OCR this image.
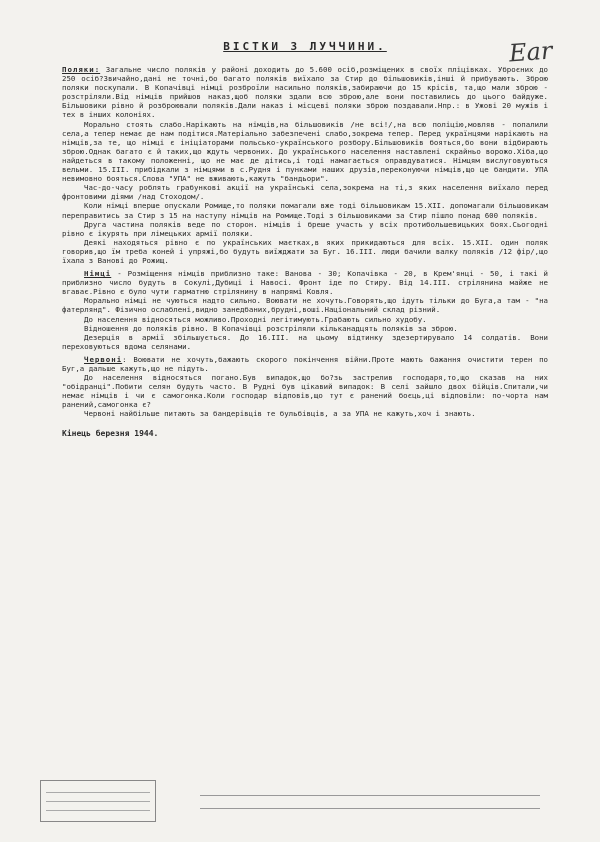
Ear
ВІСТКИ З ЛУЧЧИНИ.

Поляки: Загальне число поляків у районі доходить до 5.600 осіб,розміщених в своїх пліцівках. Уброєних до 250 осіб?Звичайно,дані не точні,бо багато поляків виїхало за Стир до більшовиків,інші й прибувають. Зброю поляки поскупали. В Копачівці німці розброїли насильно поляків,забираючи до 15 крісів, та,що мали зброю - розстріляли.Від німців прийшов наказ,щоб поляки здали всю зброю,але вони поставились до цього байдуже. Більшовики рівно й розброювали поляків.Дали наказ і місцеві поляки зброю поздавали.Нпр.: в Ужові 20 мужів і тех в інших колоніях.

Морально стоять слабо.Нарікають на німців,на більшовиків /не всі!/,на всю поліцію,мовляв - попалили села,а тепер немає де нам подітися.Матеріально забезпечені слабо,зокрема тепер. Перед українцями нарікають на німців,за те, що німці є ініціаторами польсько-українського розбору.Більшовиків бояться,бо вони відбирають зброю.Однак багато є й таких,що ждуть червоних. До українського населення наставлені скрайньо ворожо.Хіба,що найдеться в такому положенні, що не має де дітись,і тоді намагається оправдуватися. Німцям вислуговуються вельми. 15.ІІІ. прибідкали з німцями в с.Рудня і пунками наших друзів,переконуючи німців,що це бандити. УПА невимовно бояться.Слова "УПА" не вживають,кажуть "бандьори".

Час-до-часу роблять грабункові акції на українські села,зокрема на ті,з яких населення виїхало перед фронтовими діями /над Стоходом/.

Коли німці вперше опускали Ромище,то поляки помагали вже тоді більшовикам 15.ХІІ. допомагали більшовикам переправитись за Стир з 15 на наступу німців на Ромище.Тоді з більшовиками за Стир пішло понад 600 поляків.

Друга частина поляків веде по сторон. німців і бреше участь у всіх протибольшевицьких боях.Сьогодні рівно є ікурять при лімецьких армії поляки.

Деякі находяться рівно є по українських маєтках,в яких прикидаються для всіх. 15.ХІІ. один поляк говорив,що їм треба коней і упряжі,бо будуть виїжджати за Буг. 16.ІІІ. люди бачили валку поляків /12 фір/,що їхала з Ванові до Рожищ.

Німці - Розміщення німців приблизно таке: Ванова - 30; Копачівка - 20, в Крем'янці - 50, і такі й приблизно число будуть в Сокулі,Дубиці і Навосі. Фронт іде по Стиру. Від 14.ІІІ. стрілянина майже не вгаває.Рівно є було чути гарматню стрілянину в напрямі Ковля.

Морально німці не чуються надто сильно. Воювати не хочуть.Говорять,що ідуть тільки до Буга,а там - "на фатерлянд". Фізично ослаблені,видно занедбаних,брудні,воші.Національний склад різний.

До населення відносяться можливо.Проходні легітимують.Грабають сильно худобу.

Відношення до поляків рівно. В Копачівці розстріляли кільканадцять поляків за зброю.

Дезерція в армії збільшується. До 16.ІІІ. на цьому відтинку здезертирувало 14 солдатів. Вони переховуються вдома селянами.

Червоні: Воювати не хочуть,бажають скорого покінчення війни.Проте мають бажання очистити терен по Буг,а дальше кажуть,що не підуть.

До населення відносяться погано.Був випадок,що бо?зь застрелив господаря,то,що сказав на них "обідранці".Побити селян будуть часто. В Рудні був цікавий випадок: В селі зайшло двох бійців.Спитали,чи немає німців і чи є самогонка.Коли господар відповів,що тут є ранений боєць,ці відповіли: по-чорта нам ранений,самогонка є?

Червоні найбільше питають за бандерівців те бульбівців, а за УПА не кажуть,хоч і знають.

Кінець березня 1944.
